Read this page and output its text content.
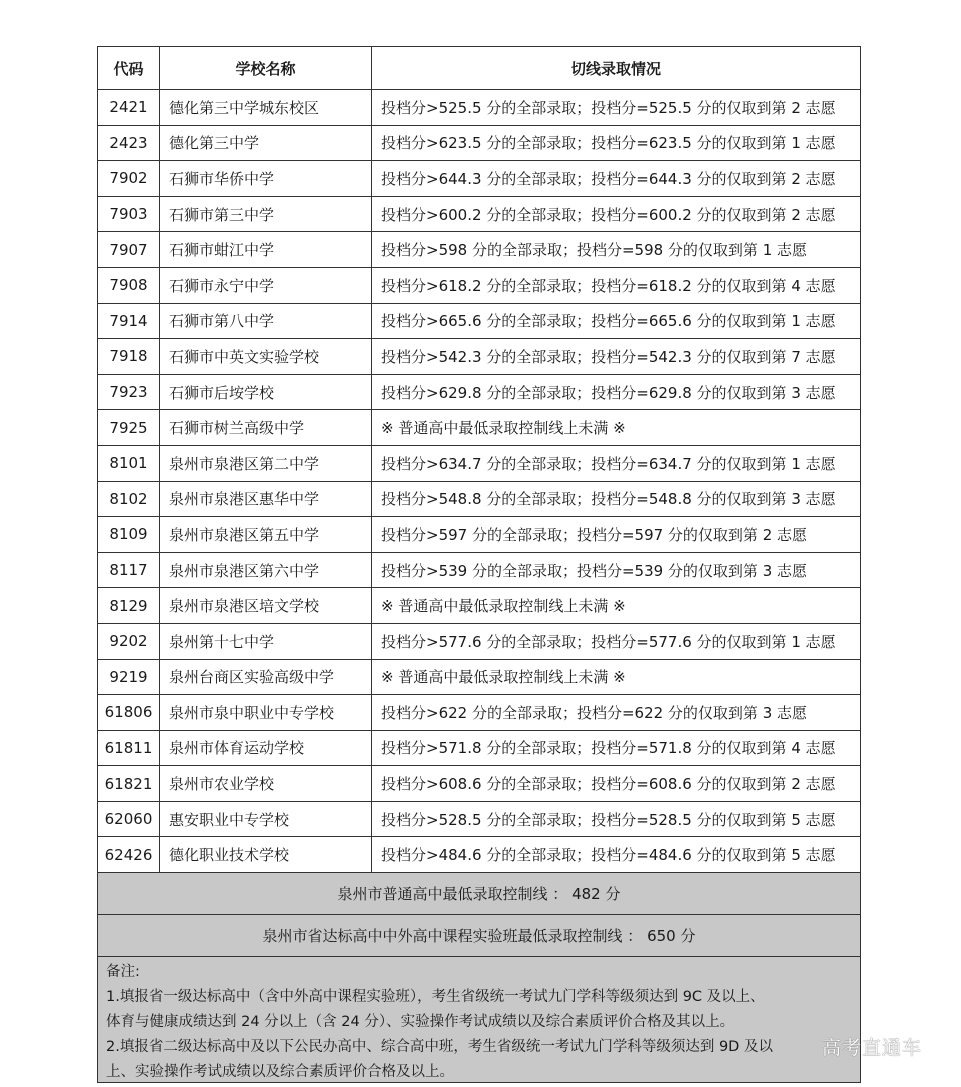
代码	学校名称	切线录取情况
2421	德化第三中学城东校区	投档分>525.5 分的全部录取；投档分=525.5 分的仅取到第 2 志愿
2423	德化第三中学	投档分>623.5 分的全部录取；投档分=623.5 分的仅取到第 1 志愿
7902	石狮市华侨中学	投档分>644.3 分的全部录取；投档分=644.3 分的仅取到第 2 志愿
7903	石狮市第三中学	投档分>600.2 分的全部录取；投档分=600.2 分的仅取到第 2 志愿
7907	石狮市蚶江中学	投档分>598 分的全部录取；投档分=598 分的仅取到第 1 志愿
7908	石狮市永宁中学	投档分>618.2 分的全部录取；投档分=618.2 分的仅取到第 4 志愿
7914	石狮市第八中学	投档分>665.6 分的全部录取；投档分=665.6 分的仅取到第 1 志愿
7918	石狮市中英文实验学校	投档分>542.3 分的全部录取；投档分=542.3 分的仅取到第 7 志愿
7923	石狮市后垵学校	投档分>629.8 分的全部录取；投档分=629.8 分的仅取到第 3 志愿
7925	石狮市树兰高级中学	※ 普通高中最低录取控制线上未满 ※
8101	泉州市泉港区第二中学	投档分>634.7 分的全部录取；投档分=634.7 分的仅取到第 1 志愿
8102	泉州市泉港区惠华中学	投档分>548.8 分的全部录取；投档分=548.8 分的仅取到第 3 志愿
8109	泉州市泉港区第五中学	投档分>597 分的全部录取；投档分=597 分的仅取到第 2 志愿
8117	泉州市泉港区第六中学	投档分>539 分的全部录取；投档分=539 分的仅取到第 3 志愿
8129	泉州市泉港区培文学校	※ 普通高中最低录取控制线上未满 ※
9202	泉州第十七中学	投档分>577.6 分的全部录取；投档分=577.6 分的仅取到第 1 志愿
9219	泉州台商区实验高级中学	※ 普通高中最低录取控制线上未满 ※
61806	泉州市泉中职业中专学校	投档分>622 分的全部录取；投档分=622 分的仅取到第 3 志愿
61811	泉州市体育运动学校	投档分>571.8 分的全部录取；投档分=571.8 分的仅取到第 4 志愿
61821	泉州市农业学校	投档分>608.6 分的全部录取；投档分=608.6 分的仅取到第 2 志愿
62060	惠安职业中专学校	投档分>528.5 分的全部录取；投档分=528.5 分的仅取到第 5 志愿
62426	德化职业技术学校	投档分>484.6 分的全部录取；投档分=484.6 分的仅取到第 5 志愿
泉州市普通高中最低录取控制线 ： 482 分
泉州市省达标高中中外高中课程实验班最低录取控制线 ： 650 分
备注:
1.填报省一级达标高中（含中外高中课程实验班），考生省级统一考试九门学科等级须达到 9C 及以上、
体育与健康成绩达到 24 分以上（含 24 分）、实验操作考试成绩以及综合素质评价合格及其以上。
2.填报省二级达标高中及以下公民办高中、综合高中班，考生省级统一考试九门学科等级须达到 9D 及以
上、实验操作考试成绩以及综合素质评价合格及以上。
高考直通车
